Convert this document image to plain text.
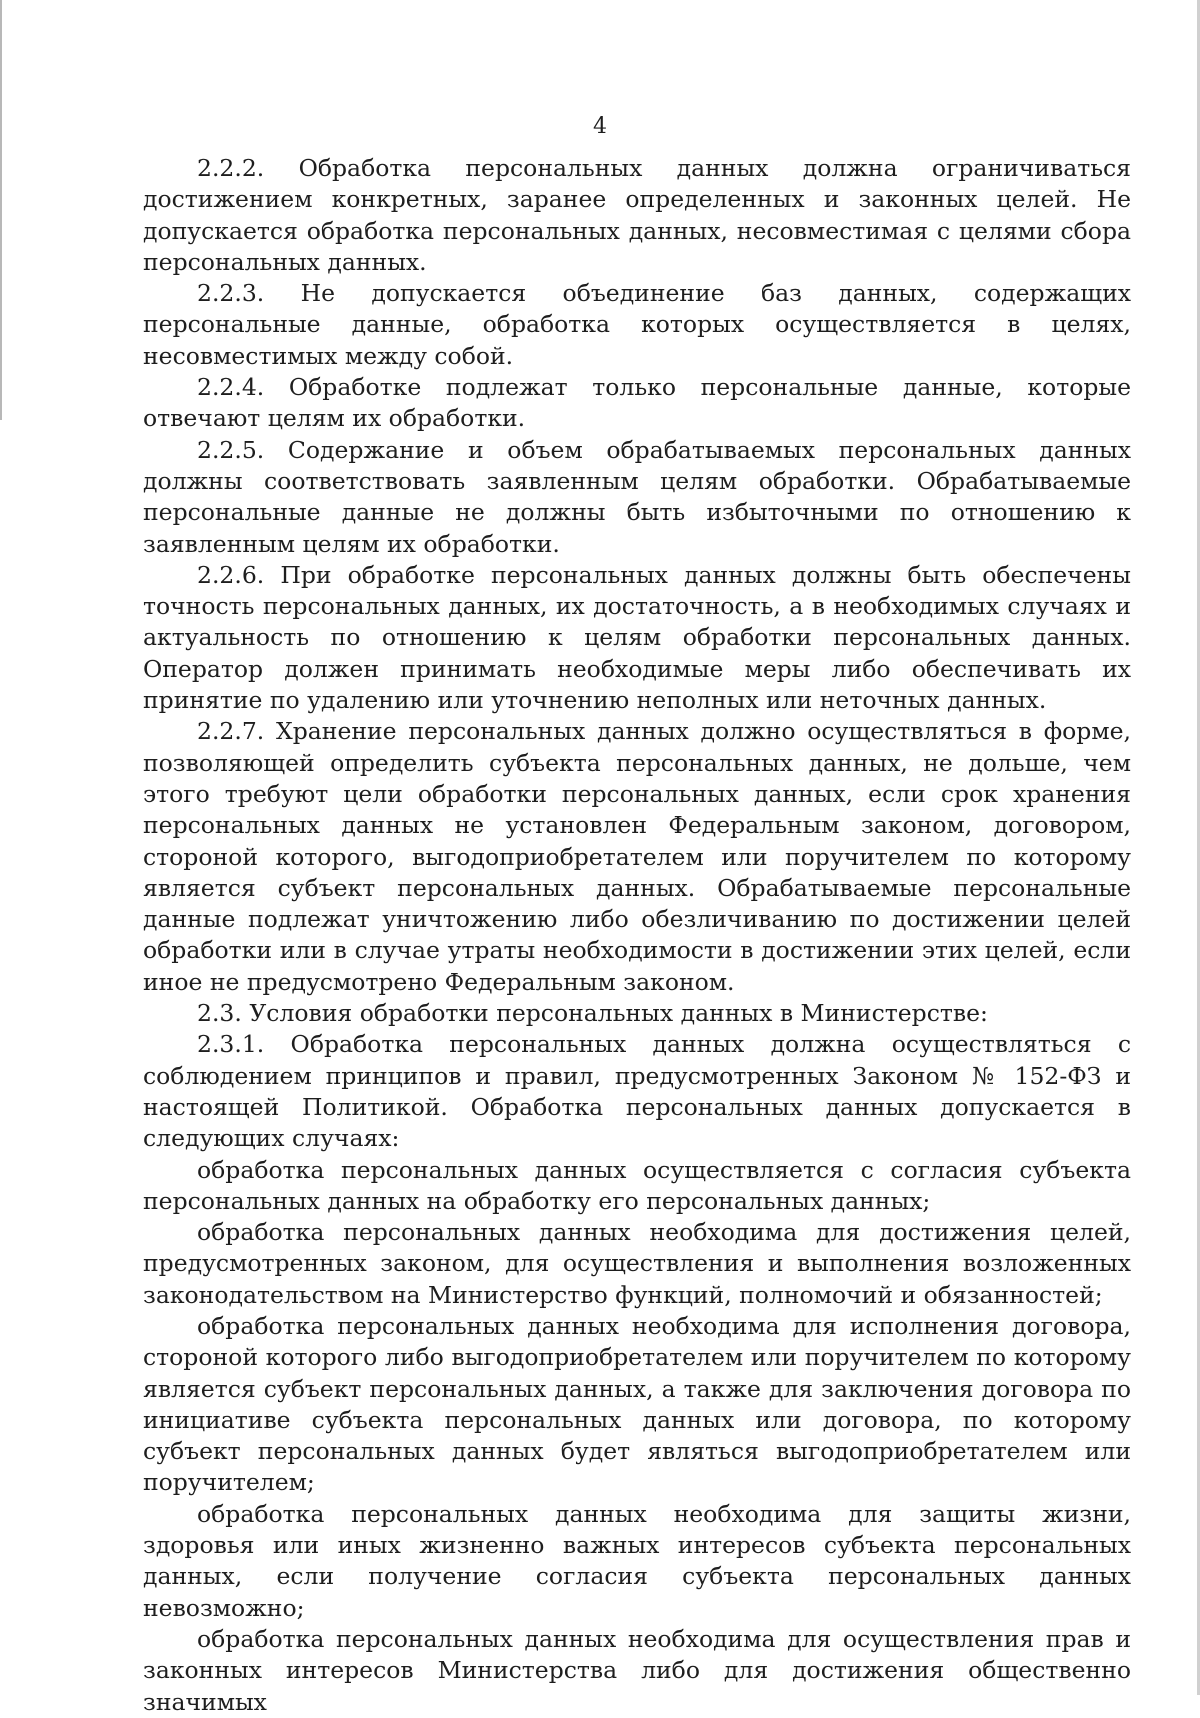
4

2.2.2. Обработка персональных данных должна ограничиваться достижением конкретных, заранее определенных и законных целей. Не допускается обработка персональных данных, несовместимая с целями сбора персональных данных.

2.2.3. Не допускается объединение баз данных, содержащих персональные данные, обработка которых осуществляется в целях, несовместимых между собой.

2.2.4. Обработке подлежат только персональные данные, которые отвечают целям их обработки.

2.2.5. Содержание и объем обрабатываемых персональных данных должны соответствовать заявленным целям обработки. Обрабатываемые персональные данные не должны быть избыточными по отношению к заявленным целям их обработки.

2.2.6. При обработке персональных данных должны быть обеспечены точность персональных данных, их достаточность, а в необходимых случаях и актуальность по отношению к целям обработки персональных данных. Оператор должен принимать необходимые меры либо обеспечивать их принятие по удалению или уточнению неполных или неточных данных.

2.2.7. Хранение персональных данных должно осуществляться в форме, позволяющей определить субъекта персональных данных, не дольше, чем этого требуют цели обработки персональных данных, если срок хранения персональных данных не установлен Федеральным законом, договором, стороной которого, выгодоприобретателем или поручителем по которому является субъект персональных данных. Обрабатываемые персональные данные подлежат уничтожению либо обезличиванию по достижении целей обработки или в случае утраты необходимости в достижении этих целей, если иное не предусмотрено Федеральным законом.

2.3. Условия обработки персональных данных в Министерстве:

2.3.1. Обработка персональных данных должна осуществляться с соблюдением принципов и правил, предусмотренных Законом № 152-ФЗ и настоящей Политикой. Обработка персональных данных допускается в следующих случаях:

обработка персональных данных осуществляется с согласия субъекта персональных данных на обработку его персональных данных;

обработка персональных данных необходима для достижения целей, предусмотренных законом, для осуществления и выполнения возложенных законодательством на Министерство функций, полномочий и обязанностей;

обработка персональных данных необходима для исполнения договора, стороной которого либо выгодоприобретателем или поручителем по которому является субъект персональных данных, а также для заключения договора по инициативе субъекта персональных данных или договора, по которому субъект персональных данных будет являться выгодоприобретателем или поручителем;

обработка персональных данных необходима для защиты жизни, здоровья или иных жизненно важных интересов субъекта персональных данных, если получение согласия субъекта персональных данных невозможно;

обработка персональных данных необходима для осуществления прав и законных интересов Министерства либо для достижения общественно значимых
